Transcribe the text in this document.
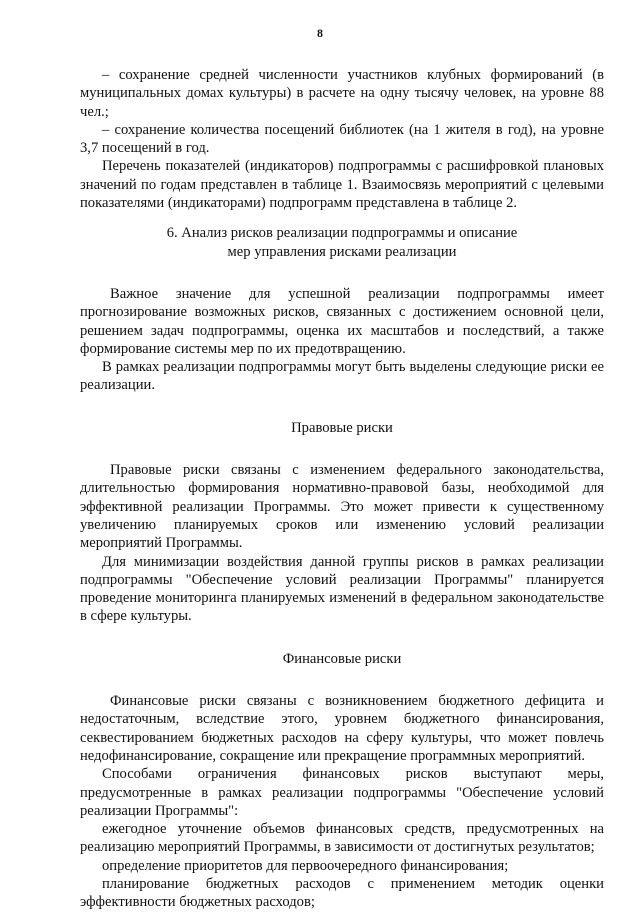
8

– сохранение средней численности участников клубных формирований (в муниципальных домах культуры) в расчете на одну тысячу человек, на уровне 88 чел.;

– сохранение количества посещений библиотек (на 1 жителя в год), на уровне 3,7 посещений в год.

Перечень показателей (индикаторов) подпрограммы с расшифровкой плановых значений по годам представлен в таблице 1. Взаимосвязь мероприятий с целевыми показателями (индикаторами) подпрограмм представлена в таблице 2.

6. Анализ рисков реализации подпрограммы и описание

мер управления рисками реализации

Важное значение для успешной реализации подпрограммы имеет прогнозирование возможных рисков, связанных с достижением основной цели, решением задач подпрограммы, оценка их масштабов и последствий, а также формирование системы мер по их предотвращению.

В рамках реализации подпрограммы могут быть выделены следующие риски ее реализации.

Правовые риски

Правовые риски связаны с изменением федерального законодательства, длительностью формирования нормативно-правовой базы, необходимой для эффективной реализации Программы. Это может привести к существенному увеличению планируемых сроков или изменению условий реализации мероприятий Программы.

Для минимизации воздействия данной группы рисков в рамках реализации подпрограммы "Обеспечение условий реализации Программы" планируется проведение мониторинга планируемых изменений в федеральном законодательстве в сфере культуры.

Финансовые риски

Финансовые риски связаны с возникновением бюджетного дефицита и недостаточным, вследствие этого, уровнем бюджетного финансирования, секвестированием бюджетных расходов на сферу культуры, что может повлечь недофинансирование, сокращение или прекращение программных мероприятий.

Способами ограничения финансовых рисков выступают меры, предусмотренные в рамках реализации подпрограммы "Обеспечение условий реализации Программы":

ежегодное уточнение объемов финансовых средств, предусмотренных на реализацию мероприятий Программы, в зависимости от достигнутых результатов;

определение приоритетов для первоочередного финансирования;

планирование бюджетных расходов с применением методик оценки эффективности бюджетных расходов;
